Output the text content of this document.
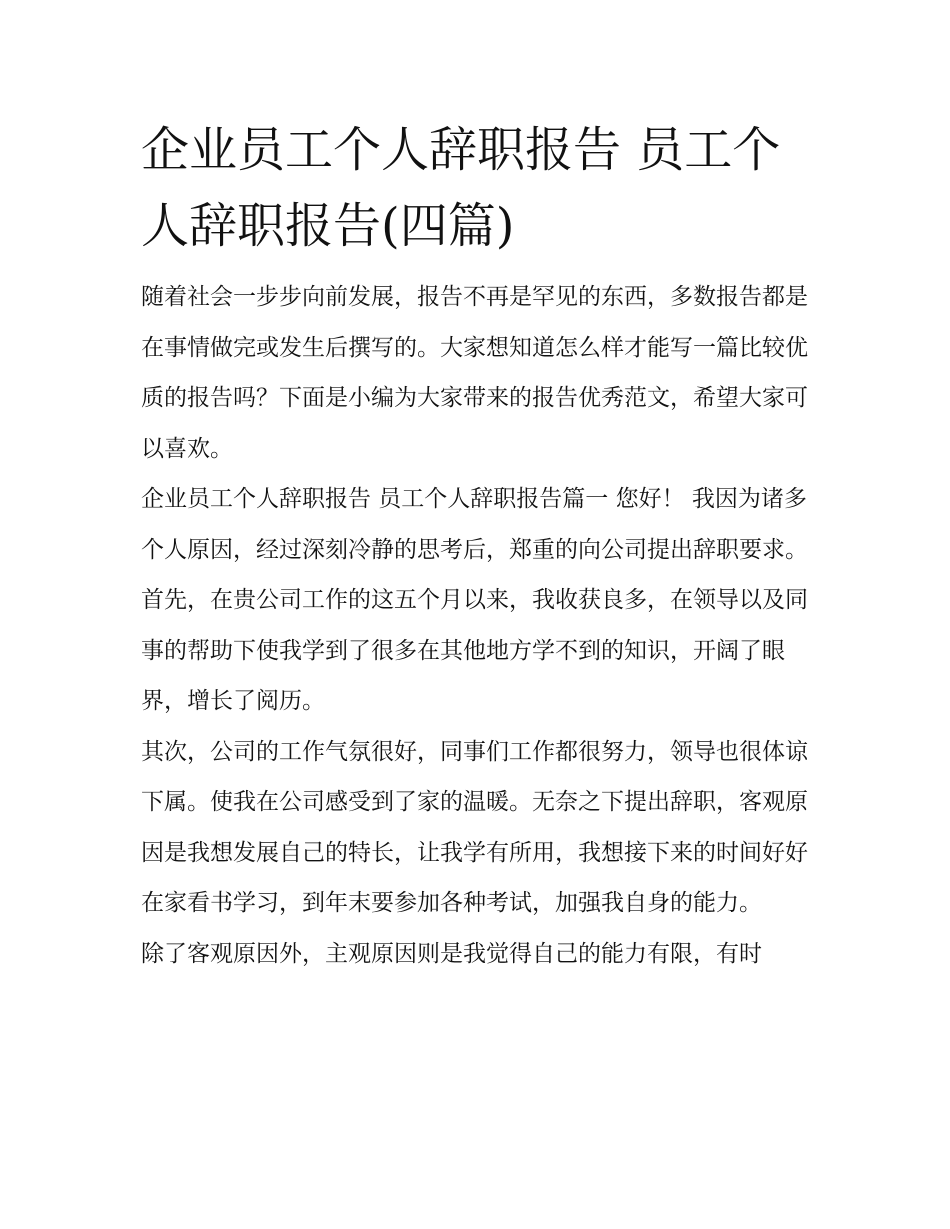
企业员工个人辞职报告 员工个人辞职报告(四篇)

随着社会一步步向前发展，报告不再是罕见的东西，多数报告都是在事情做完或发生后撰写的。大家想知道怎么样才能写一篇比较优质的报告吗？下面是小编为大家带来的报告优秀范文，希望大家可以喜欢。

企业员工个人辞职报告 员工个人辞职报告篇一 您好！ 我因为诸多个人原因，经过深刻冷静的思考后，郑重的向公司提出辞职要求。

首先，在贵公司工作的这五个月以来，我收获良多，在领导以及同事的帮助下使我学到了很多在其他地方学不到的知识，开阔了眼界，增长了阅历。

其次，公司的工作气氛很好，同事们工作都很努力，领导也很体谅下属。使我在公司感受到了家的温暖。无奈之下提出辞职，客观原因是我想发展自己的特长，让我学有所用，我想接下来的时间好好在家看书学习，到年末要参加各种考试，加强我自身的能力。

除了客观原因外，主观原因则是我觉得自己的能力有限，有时
